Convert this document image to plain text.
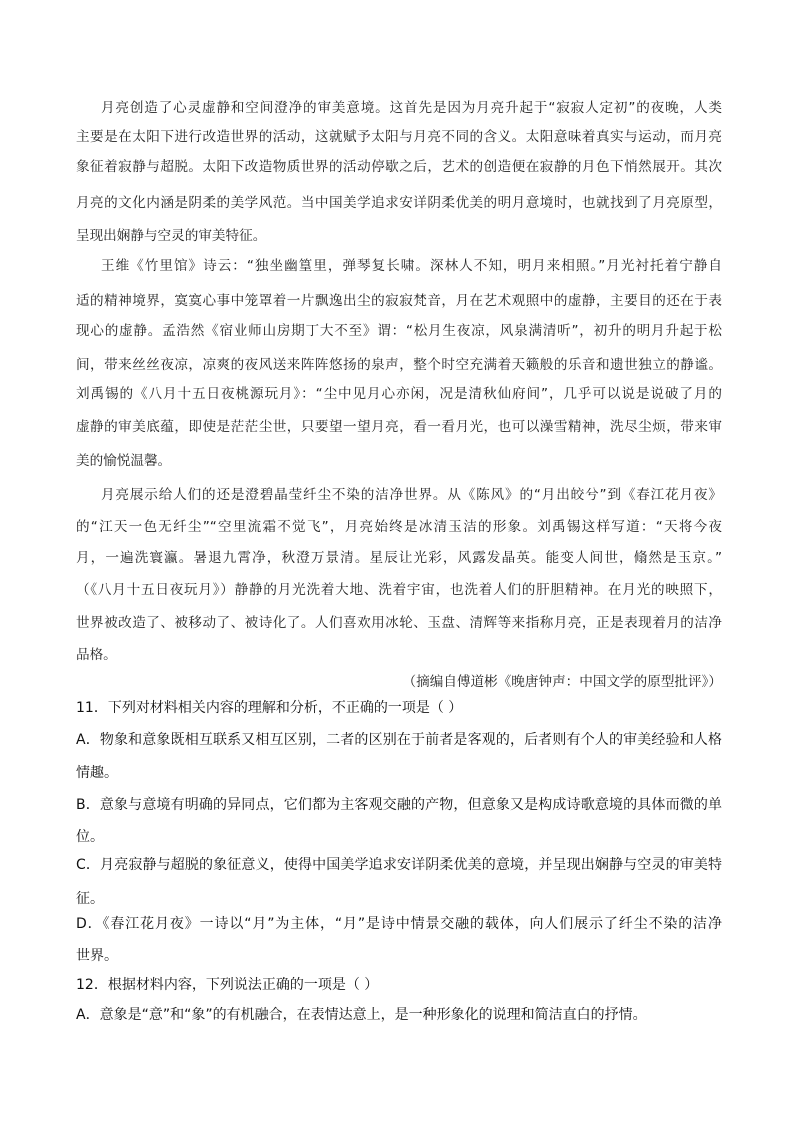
月亮创造了心灵虚静和空间澄净的审美意境。这首先是因为月亮升起于“寂寂人定初”的夜晚，人类
主要是在太阳下进行改造世界的活动，这就赋予太阳与月亮不同的含义。太阳意味着真实与运动，而月亮
象征着寂静与超脱。太阳下改造物质世界的活动停歇之后，艺术的创造便在寂静的月色下悄然展开。其次
月亮的文化内涵是阴柔的美学风范。当中国美学追求安详阴柔优美的明月意境时，也就找到了月亮原型，
呈现出娴静与空灵的审美特征。
王维《竹里馆》诗云：“独坐幽篁里，弹琴复长啸。深林人不知，明月来相照。”月光衬托着宁静自
适的精神境界，寞寞心事中笼罩着一片飘逸出尘的寂寂梵音，月在艺术观照中的虚静，主要目的还在于表
现心的虚静。孟浩然《宿业师山房期丁大不至》谓：“松月生夜凉，风泉满清听”，初升的明月升起于松
间，带来丝丝夜凉，凉爽的夜风送来阵阵悠扬的泉声，整个时空充满着天籁般的乐音和遗世独立的静谧。
刘禹锡的《八月十五日夜桃源玩月》：“尘中见月心亦闲，况是清秋仙府间”，几乎可以说是说破了月的
虚静的审美底蕴，即使是茫茫尘世，只要望一望月亮，看一看月光，也可以澡雪精神，洗尽尘烦，带来审
美的愉悦温馨。
月亮展示给人们的还是澄碧晶莹纤尘不染的洁净世界。从《陈风》的“月出皎兮”到《春江花月夜》
的“江天一色无纤尘”“空里流霜不觉飞”，月亮始终是冰清玉洁的形象。刘禹锡这样写道：“天将今夜
月，一遍洗寰瀛。暑退九霄净，秋澄万景清。星辰让光彩，风露发晶英。能变人间世，翛然是玉京。”
（《八月十五日夜玩月》）静静的月光洗着大地、洗着宇宙，也洗着人们的肝胆精神。在月光的映照下，
世界被改造了、被移动了、被诗化了。人们喜欢用冰轮、玉盘、清辉等来指称月亮，正是表现着月的洁净
品格。
（摘编自傅道彬《晚唐钟声：中国文学的原型批评》）
11．下列对材料相关内容的理解和分析，不正确的一项是（ ）
A．物象和意象既相互联系又相互区别，二者的区别在于前者是客观的，后者则有个人的审美经验和人格
情趣。
B．意象与意境有明确的异同点，它们都为主客观交融的产物，但意象又是构成诗歌意境的具体而微的单
位。
C．月亮寂静与超脱的象征意义，使得中国美学追求安详阴柔优美的意境，并呈现出娴静与空灵的审美特
征。
D．《春江花月夜》一诗以“月”为主体，“月”是诗中情景交融的载体，向人们展示了纤尘不染的洁净
世界。
12．根据材料内容，下列说法正确的一项是（ ）
A．意象是“意”和“象”的有机融合，在表情达意上，是一种形象化的说理和简洁直白的抒情。
